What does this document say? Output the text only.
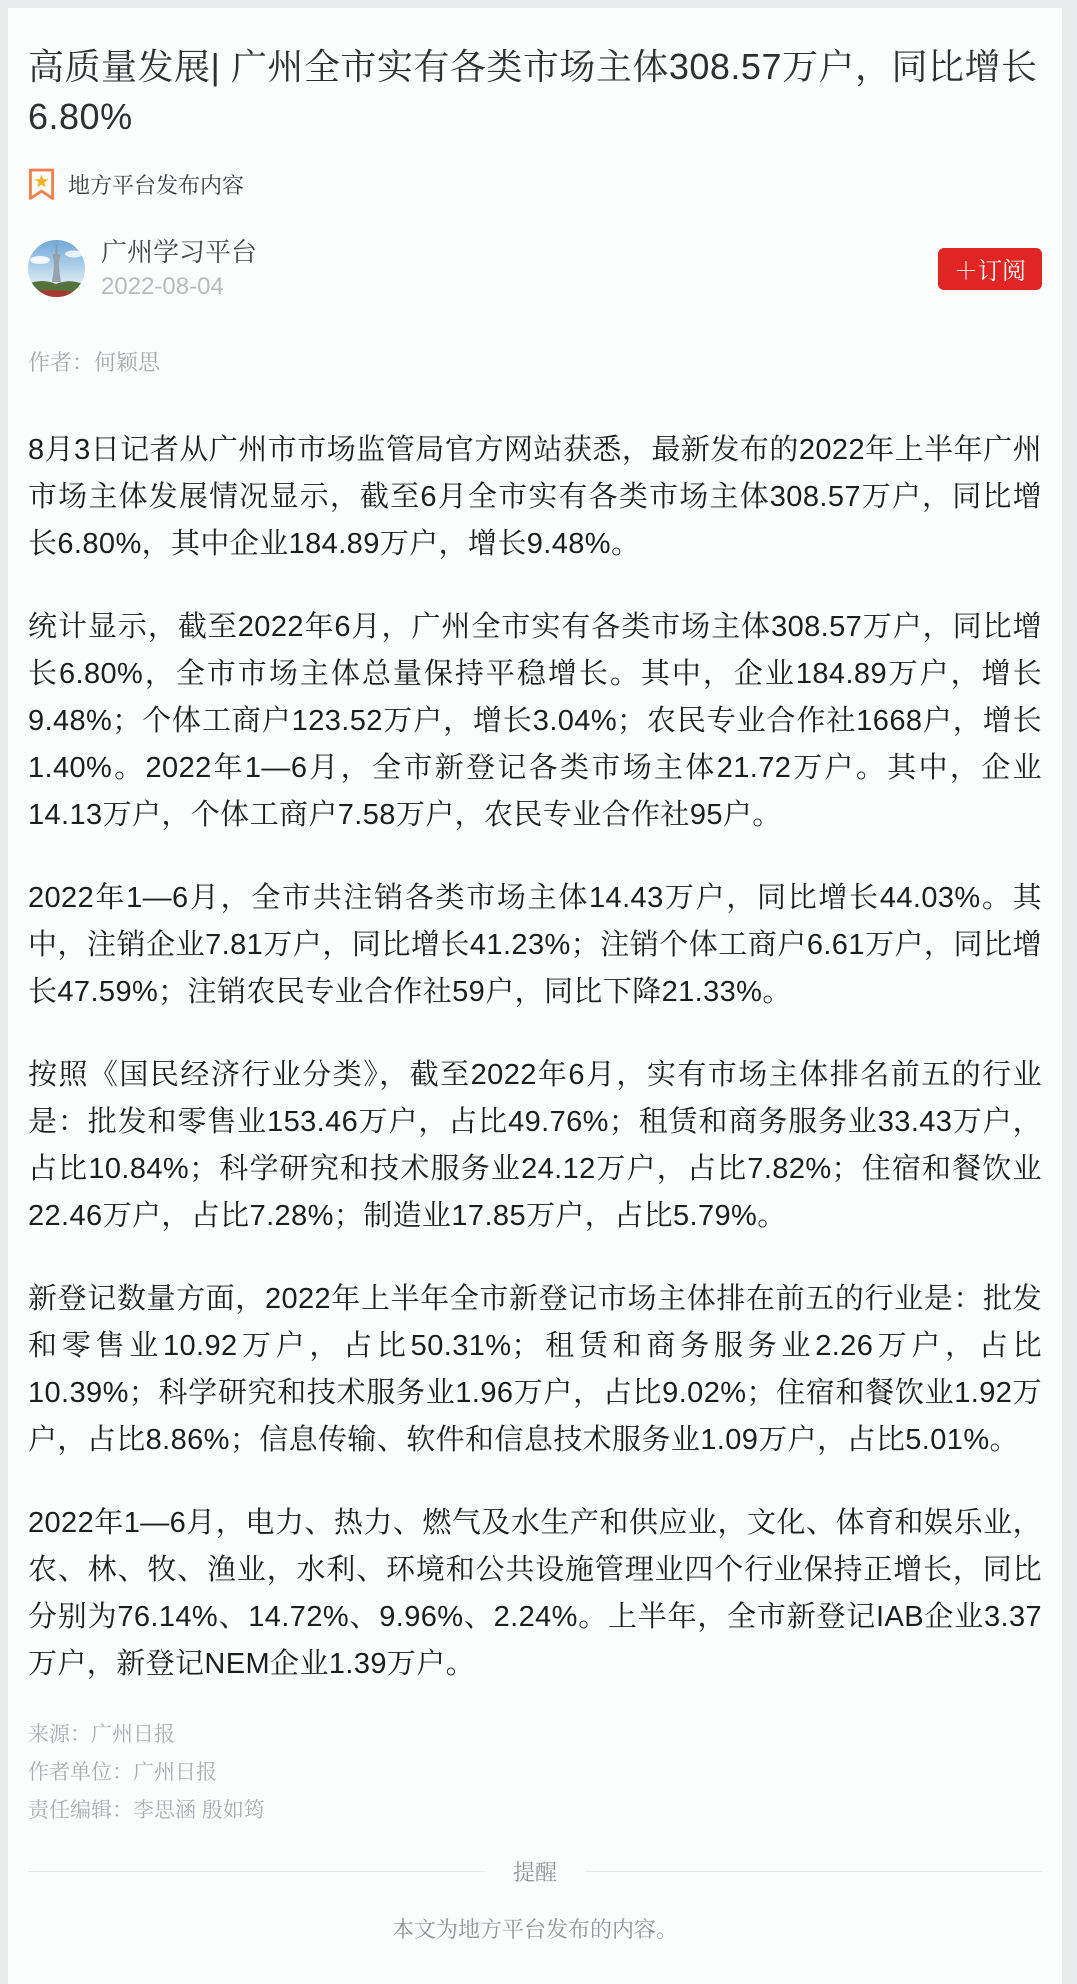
高质量发展| 广州全市实有各类市场主体308.57万户，同比增长6.80%
地方平台发布内容
广州学习平台
2022-08-04
＋订阅
作者：何颖思

8月3日记者从广州市市场监管局官方网站获悉，最新发布的2022年上半年广州市场主体发展情况显示，截至6月全市实有各类市场主体308.57万户，同比增长6.80%，其中企业184.89万户，增长9.48%。

统计显示，截至2022年6月，广州全市实有各类市场主体308.57万户，同比增长6.80%，全市市场主体总量保持平稳增长。其中，企业184.89万户，增长9.48%；个体工商户123.52万户，增长3.04%；农民专业合作社1668户，增长1.40%。2022年1—6月，全市新登记各类市场主体21.72万户。其中，企业14.13万户，个体工商户7.58万户，农民专业合作社95户。

2022年1—6月，全市共注销各类市场主体14.43万户，同比增长44.03%。其中，注销企业7.81万户，同比增长41.23%；注销个体工商户6.61万户，同比增长47.59%；注销农民专业合作社59户，同比下降21.33%。

按照《国民经济行业分类》，截至2022年6月，实有市场主体排名前五的行业是：批发和零售业153.46万户，占比49.76%；租赁和商务服务业33.43万户，占比10.84%；科学研究和技术服务业24.12万户，占比7.82%；住宿和餐饮业22.46万户，占比7.28%；制造业17.85万户，占比5.79%。

新登记数量方面，2022年上半年全市新登记市场主体排在前五的行业是：批发和零售业10.92万户，占比50.31%；租赁和商务服务业2.26万户，占比10.39%；科学研究和技术服务业1.96万户，占比9.02%；住宿和餐饮业1.92万户，占比8.86%；信息传输、软件和信息技术服务业1.09万户，占比5.01%。

2022年1—6月，电力、热力、燃气及水生产和供应业，文化、体育和娱乐业，农、林、牧、渔业，水利、环境和公共设施管理业四个行业保持正增长，同比分别为76.14%、14.72%、9.96%、2.24%。上半年，全市新登记IAB企业3.37万户，新登记NEM企业1.39万户。

来源：广州日报
作者单位：广州日报
责任编辑：李思涵 殷如筠
提醒
本文为地方平台发布的内容。
